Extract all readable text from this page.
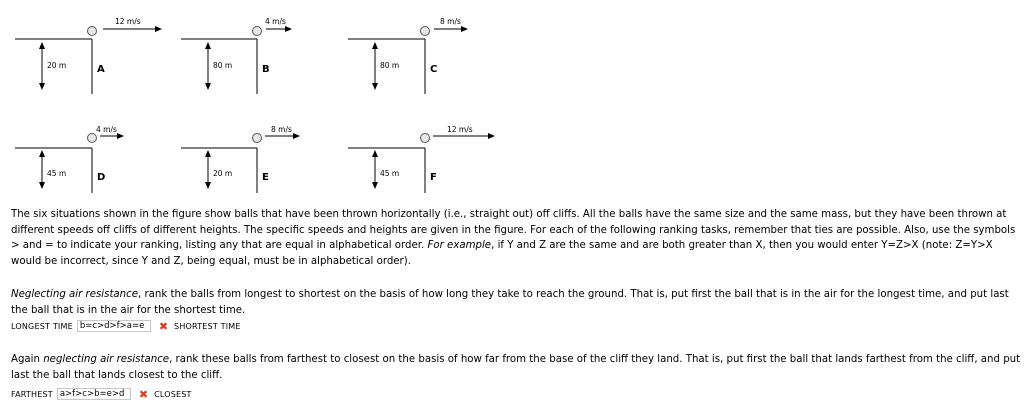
12 m/s
20 m	A
4 m/s
80 m	B
8 m/s
80 m	C
4 m/s
45 m	D
8 m/s
20 m	E
12 m/s
45 m	F

The six situations shown in the figure show balls that have been thrown horizontally (i.e., straight out) off cliffs. All the balls have the same size and the same mass, but they have been thrown at different speeds off cliffs of different heights. The specific speeds and heights are given in the figure. For each of the following ranking tasks, remember that ties are possible. Also, use the symbols > and = to indicate your ranking, listing any that are equal in alphabetical order. For example, if Y and Z are the same and are both greater than X, then you would enter Y=Z>X (note: Z=Y>X would be incorrect, since Y and Z, being equal, must be in alphabetical order).

Neglecting air resistance, rank the balls from longest to shortest on the basis of how long they take to reach the ground. That is, put first the ball that is in the air for the longest time, and put last the ball that is in the air for the shortest time.

LONGEST TIME
b=c>d>f>a=e	✖ SHORTEST TIME

Again neglecting air resistance, rank these balls from farthest to closest on the basis of how far from the base of the cliff they land. That is, put first the ball that lands farthest from the cliff, and put last the ball that lands closest to the cliff.

FARTHEST
a>f>c>b=e>d	✖ CLOSEST
